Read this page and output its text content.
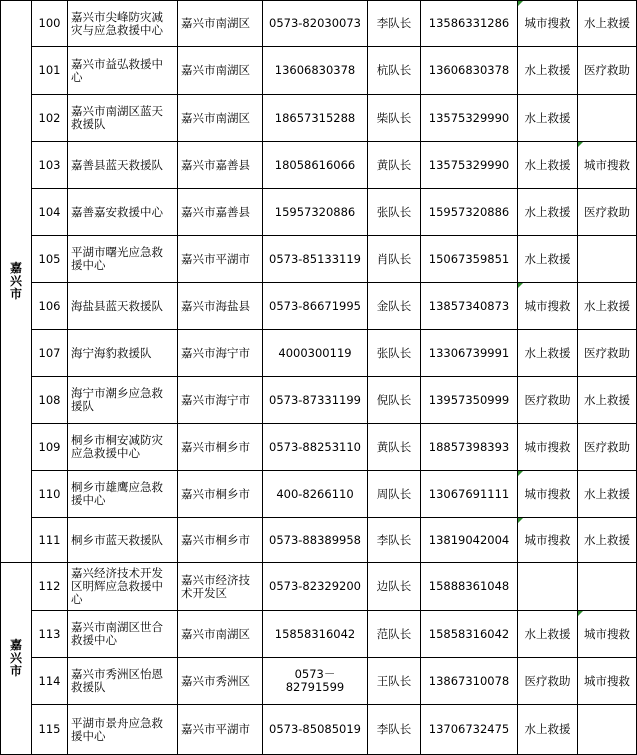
嘉兴市	100	嘉兴市尖峰防灾减灾与应急救援中心	嘉兴市南湖区	0573-82030073	李队长	13586331286	城市搜救	水上救援
	101	嘉兴市益弘救援中心	嘉兴市南湖区	13606830378	杭队长	13606830378	水上救援	医疗救助
	102	嘉兴市南湖区蓝天救援队	嘉兴市南湖区	18657315288	柴队长	13575329990	水上救援	
	103	嘉善县蓝天救援队	嘉兴市嘉善县	18058616066	黄队长	13575329990	水上救援	城市搜救
	104	嘉善嘉安救援中心	嘉兴市嘉善县	15957320886	张队长	15957320886	水上救援	医疗救助
	105	平湖市曙光应急救援中心	嘉兴市平湖市	0573-85133119	肖队长	15067359851	水上救援	
	106	海盐县蓝天救援队	嘉兴市海盐县	0573-86671995	金队长	13857340873	城市搜救	水上救援
	107	海宁海豹救援队	嘉兴市海宁市	4000300119	张队长	13306739991	水上救援	医疗救助
	108	海宁市潮乡应急救援队	嘉兴市海宁市	0573-87331199	倪队长	13957350999	医疗救助	水上救援
	109	桐乡市桐安减防灾应急救援中心	嘉兴市桐乡市	0573-88253110	黄队长	18857398393	城市搜救	医疗救助
	110	桐乡市雄鹰应急救援中心	嘉兴市桐乡市	400-8266110	周队长	13067691111	城市搜救	水上救援
	111	桐乡市蓝天救援队	嘉兴市桐乡市	0573-88389958	李队长	13819042004	城市搜救	水上救援
嘉兴市	112	嘉兴经济技术开发区明辉应急救援中心	嘉兴市经济技术开发区	0573-82329200	边队长	15888361048		
	113	嘉兴市南湖区世合救援中心	嘉兴市南湖区	15858316042	范队长	15858316042	水上救援	城市搜救
	114	嘉兴市秀洲区怡恩救援队	嘉兴市秀洲区	0573－82791599	王队长	13867310078	医疗救助	城市搜救
	115	平湖市景舟应急救援中心	嘉兴市平湖市	0573-85085019	李队长	13706732475	水上救援	
